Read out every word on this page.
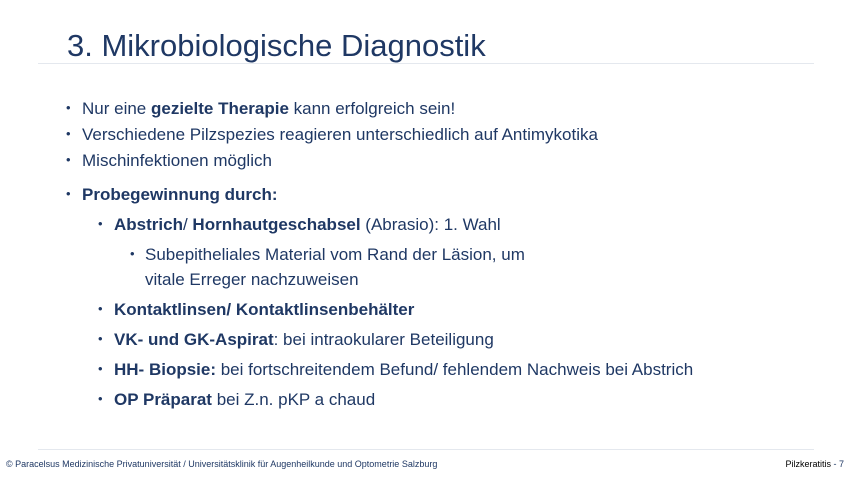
3. Mikrobiologische Diagnostik
• Nur eine gezielte Therapie kann erfolgreich sein!
• Verschiedene Pilzspezies reagieren unterschiedlich auf Antimykotika
• Mischinfektionen möglich
• Probegewinnung durch:
• Abstrich/ Hornhautgeschabsel (Abrasio): 1. Wahl
• Subepitheliales Material vom Rand der Läsion, um
vitale Erreger nachzuweisen
• Kontaktlinsen/ Kontaktlinsenbehälter
• VK- und GK-Aspirat: bei intraokularer Beteiligung
• HH- Biopsie: bei fortschreitendem Befund/ fehlendem Nachweis bei Abstrich
• OP Präparat bei Z.n. pKP a chaud
© Paracelsus Medizinische Privatuniversität / Universitätsklinik für Augenheilkunde und Optometrie Salzburg	Pilzkeratitis - 7
